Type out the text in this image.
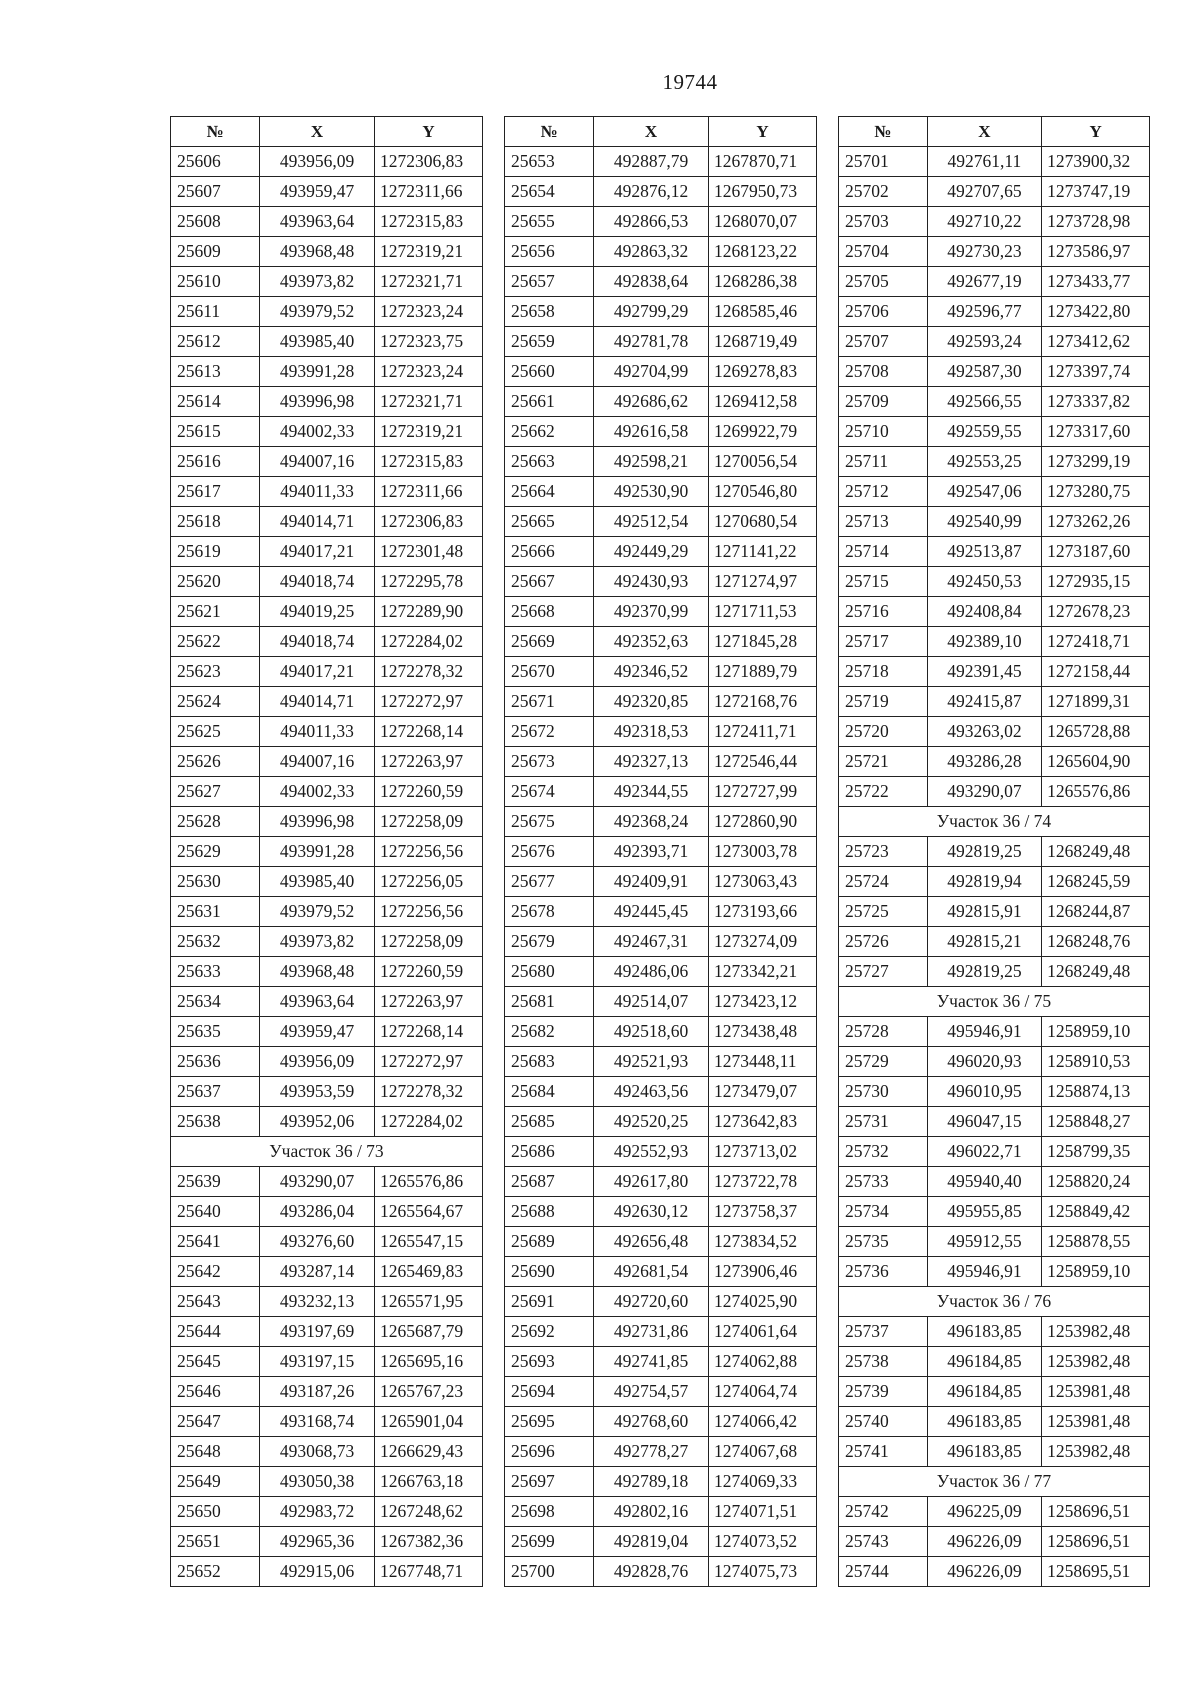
19744
№	X	Y
25606	493956,09	1272306,83
25607	493959,47	1272311,66
25608	493963,64	1272315,83
25609	493968,48	1272319,21
25610	493973,82	1272321,71
25611	493979,52	1272323,24
25612	493985,40	1272323,75
25613	493991,28	1272323,24
25614	493996,98	1272321,71
25615	494002,33	1272319,21
25616	494007,16	1272315,83
25617	494011,33	1272311,66
25618	494014,71	1272306,83
25619	494017,21	1272301,48
25620	494018,74	1272295,78
25621	494019,25	1272289,90
25622	494018,74	1272284,02
25623	494017,21	1272278,32
25624	494014,71	1272272,97
25625	494011,33	1272268,14
25626	494007,16	1272263,97
25627	494002,33	1272260,59
25628	493996,98	1272258,09
25629	493991,28	1272256,56
25630	493985,40	1272256,05
25631	493979,52	1272256,56
25632	493973,82	1272258,09
25633	493968,48	1272260,59
25634	493963,64	1272263,97
25635	493959,47	1272268,14
25636	493956,09	1272272,97
25637	493953,59	1272278,32
25638	493952,06	1272284,02
Участок 36 / 73		
25639	493290,07	1265576,86
25640	493286,04	1265564,67
25641	493276,60	1265547,15
25642	493287,14	1265469,83
25643	493232,13	1265571,95
25644	493197,69	1265687,79
25645	493197,15	1265695,16
25646	493187,26	1265767,23
25647	493168,74	1265901,04
25648	493068,73	1266629,43
25649	493050,38	1266763,18
25650	492983,72	1267248,62
25651	492965,36	1267382,36
25652	492915,06	1267748,71
№	X	Y
25653	492887,79	1267870,71
25654	492876,12	1267950,73
25655	492866,53	1268070,07
25656	492863,32	1268123,22
25657	492838,64	1268286,38
25658	492799,29	1268585,46
25659	492781,78	1268719,49
25660	492704,99	1269278,83
25661	492686,62	1269412,58
25662	492616,58	1269922,79
25663	492598,21	1270056,54
25664	492530,90	1270546,80
25665	492512,54	1270680,54
25666	492449,29	1271141,22
25667	492430,93	1271274,97
25668	492370,99	1271711,53
25669	492352,63	1271845,28
25670	492346,52	1271889,79
25671	492320,85	1272168,76
25672	492318,53	1272411,71
25673	492327,13	1272546,44
25674	492344,55	1272727,99
25675	492368,24	1272860,90
25676	492393,71	1273003,78
25677	492409,91	1273063,43
25678	492445,45	1273193,66
25679	492467,31	1273274,09
25680	492486,06	1273342,21
25681	492514,07	1273423,12
25682	492518,60	1273438,48
25683	492521,93	1273448,11
25684	492463,56	1273479,07
25685	492520,25	1273642,83
25686	492552,93	1273713,02
25687	492617,80	1273722,78
25688	492630,12	1273758,37
25689	492656,48	1273834,52
25690	492681,54	1273906,46
25691	492720,60	1274025,90
25692	492731,86	1274061,64
25693	492741,85	1274062,88
25694	492754,57	1274064,74
25695	492768,60	1274066,42
25696	492778,27	1274067,68
25697	492789,18	1274069,33
25698	492802,16	1274071,51
25699	492819,04	1274073,52
25700	492828,76	1274075,73
№	X	Y
25701	492761,11	1273900,32
25702	492707,65	1273747,19
25703	492710,22	1273728,98
25704	492730,23	1273586,97
25705	492677,19	1273433,77
25706	492596,77	1273422,80
25707	492593,24	1273412,62
25708	492587,30	1273397,74
25709	492566,55	1273337,82
25710	492559,55	1273317,60
25711	492553,25	1273299,19
25712	492547,06	1273280,75
25713	492540,99	1273262,26
25714	492513,87	1273187,60
25715	492450,53	1272935,15
25716	492408,84	1272678,23
25717	492389,10	1272418,71
25718	492391,45	1272158,44
25719	492415,87	1271899,31
25720	493263,02	1265728,88
25721	493286,28	1265604,90
25722	493290,07	1265576,86
Участок 36 / 74		
25723	492819,25	1268249,48
25724	492819,94	1268245,59
25725	492815,91	1268244,87
25726	492815,21	1268248,76
25727	492819,25	1268249,48
Участок 36 / 75		
25728	495946,91	1258959,10
25729	496020,93	1258910,53
25730	496010,95	1258874,13
25731	496047,15	1258848,27
25732	496022,71	1258799,35
25733	495940,40	1258820,24
25734	495955,85	1258849,42
25735	495912,55	1258878,55
25736	495946,91	1258959,10
Участок 36 / 76		
25737	496183,85	1253982,48
25738	496184,85	1253982,48
25739	496184,85	1253981,48
25740	496183,85	1253981,48
25741	496183,85	1253982,48
Участок 36 / 77		
25742	496225,09	1258696,51
25743	496226,09	1258696,51
25744	496226,09	1258695,51
